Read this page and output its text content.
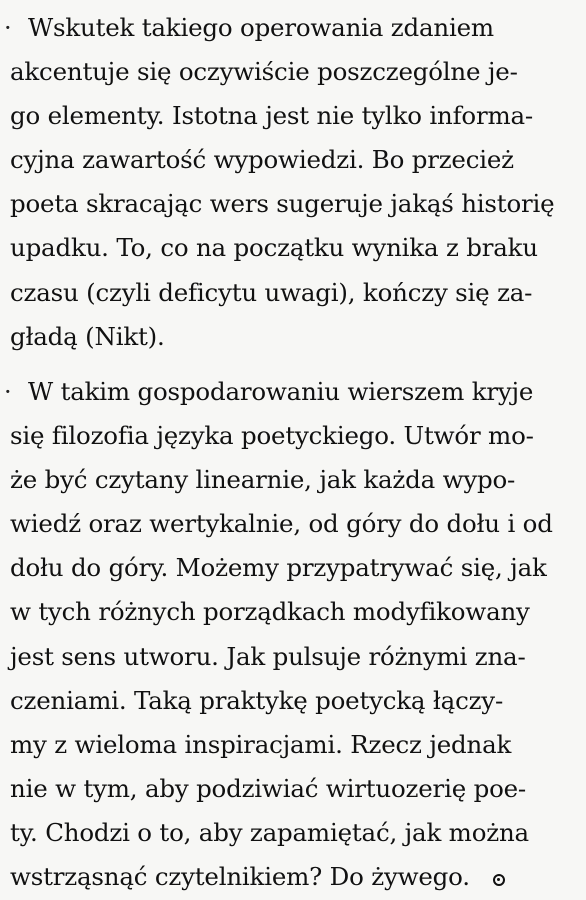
· Wskutek takiego operowania zdaniem
akcentuje się oczywiście poszczególne je-
go elementy. Istotna jest nie tylko informa-
cyjna zawartość wypowiedzi. Bo przecież
poeta skracając wers sugeruje jakąś historię
upadku. To, co na początku wynika z braku
czasu (czyli deficytu uwagi), kończy się za-
gładą (Nikt).
· W takim gospodarowaniu wierszem kryje
się filozofia języka poetyckiego. Utwór mo-
że być czytany linearnie, jak każda wypo-
wiedź oraz wertykalnie, od góry do dołu i od
dołu do góry. Możemy przypatrywać się, jak
w tych różnych porządkach modyfikowany
jest sens utworu. Jak pulsuje różnymi zna-
czeniami. Taką praktykę poetycką łączy-
my z wieloma inspiracjami. Rzecz jednak
nie w tym, aby podziwiać wirtuozerię poe-
ty. Chodzi o to, aby zapamiętać, jak można
wstrząsnąć czytelnikiem? Do żywego.
